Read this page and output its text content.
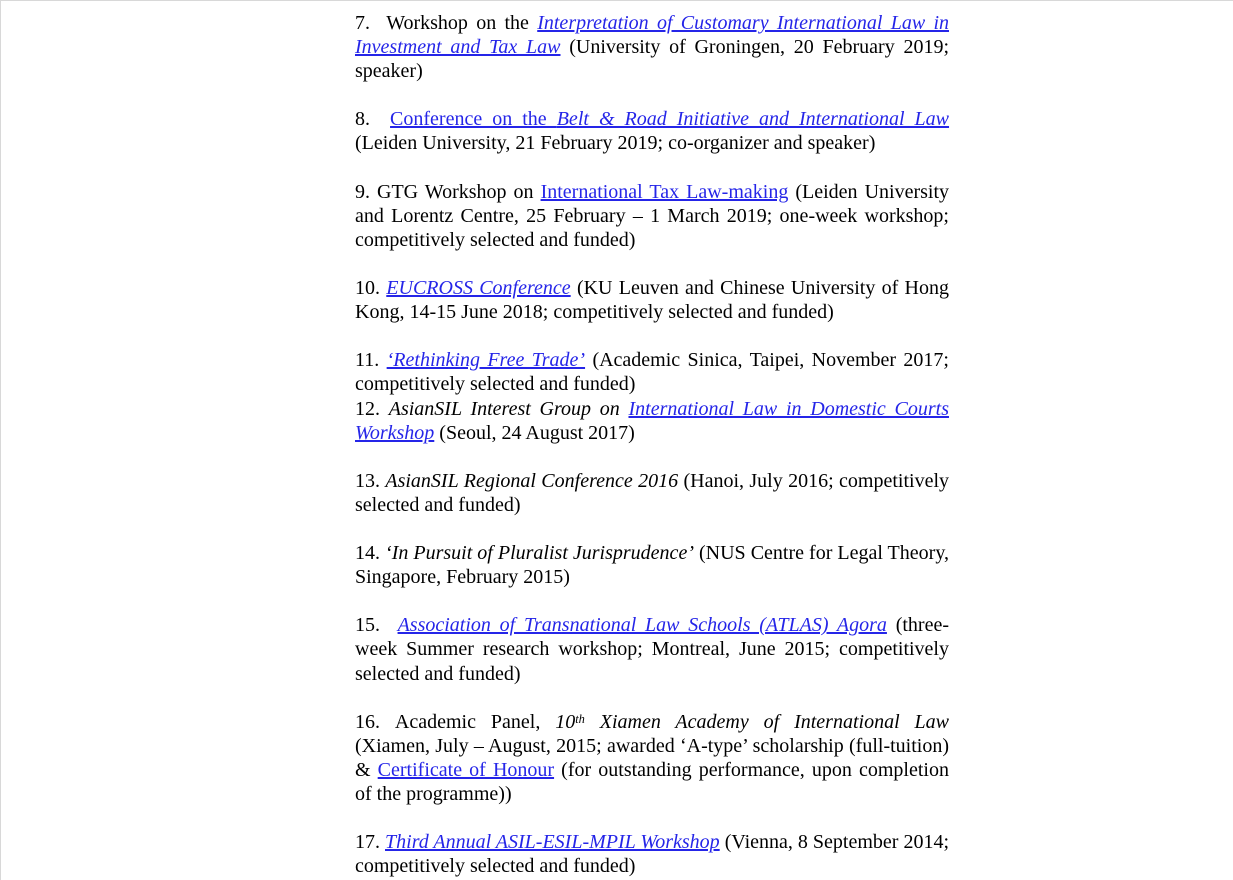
7.  Workshop on the Interpretation of Customary International Law in Investment and Tax Law (University of Groningen, 20 February 2019; speaker)

8.  Conference on the Belt & Road Initiative and International Law (Leiden University, 21 February 2019; co-organizer and speaker)

9. GTG Workshop on International Tax Law-making (Leiden University and Lorentz Centre, 25 February – 1 March 2019; one-week workshop; competitively selected and funded)

10. EUCROSS Conference (KU Leuven and Chinese University of Hong Kong, 14-15 June 2018; competitively selected and funded)

11. ‘Rethinking Free Trade’ (Academic Sinica, Taipei, November 2017; competitively selected and funded)

12. AsianSIL Interest Group on International Law in Domestic Courts Workshop (Seoul, 24 August 2017)

13. AsianSIL Regional Conference 2016 (Hanoi, July 2016; competitively selected and funded)

14. ‘In Pursuit of Pluralist Jurisprudence’ (NUS Centre for Legal Theory, Singapore, February 2015)

15.  Association of Transnational Law Schools (ATLAS) Agora (three-week Summer research workshop; Montreal, June 2015; competitively selected and funded)

16. Academic Panel, 10th Xiamen Academy of International Law (Xiamen, July – August, 2015; awarded ‘A-type’ scholarship (full-tuition) & Certificate of Honour (for outstanding performance, upon completion of the programme))

17. Third Annual ASIL-ESIL-MPIL Workshop (Vienna, 8 September 2014; competitively selected and funded)
